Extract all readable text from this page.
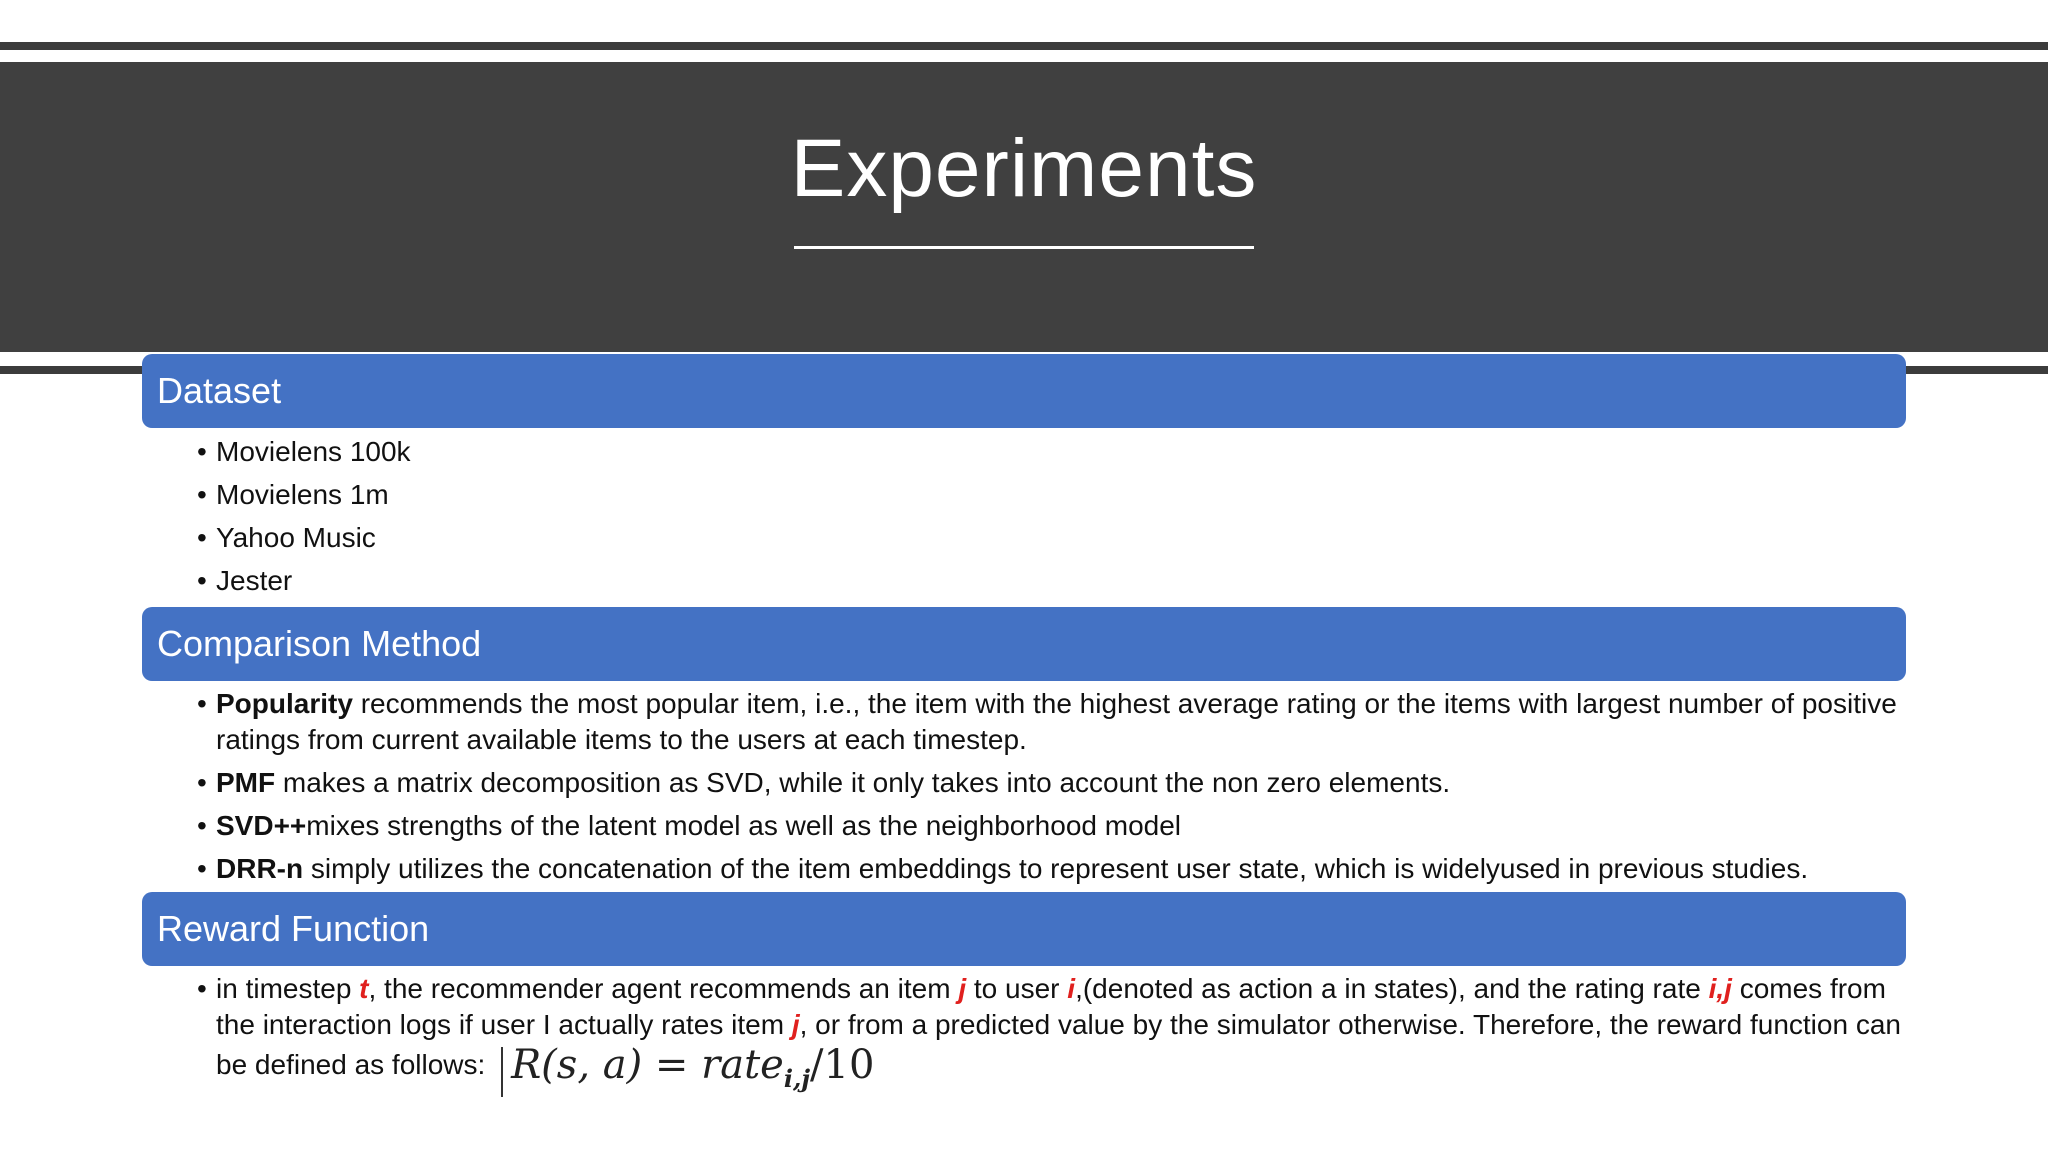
Experiments
Dataset
• Movielens 100k
• Movielens 1m
• Yahoo Music
• Jester
Comparison Method
• Popularity recommends the most popular item, i.e., the item with the highest average rating or the items with largest number of positive ratings from current available items to the users at each timestep.
• PMF makes a matrix decomposition as SVD, while it only takes into account the non zero elements.
• SVD++mixes strengths of the latent model as well as the neighborhood model
• DRR-n simply utilizes the concatenation of the item embeddings to represent user state, which is widelyused in previous studies.
Reward Function
• in timestep t, the recommender agent recommends an item j to user i,(denoted as action a in states), and the rating rate i,j comes from the interaction logs if user I actually rates item j, or from a predicted value by the simulator otherwise. Therefore, the reward function can be defined as follows: R(s, a) = rate$_{i,j}$/10
